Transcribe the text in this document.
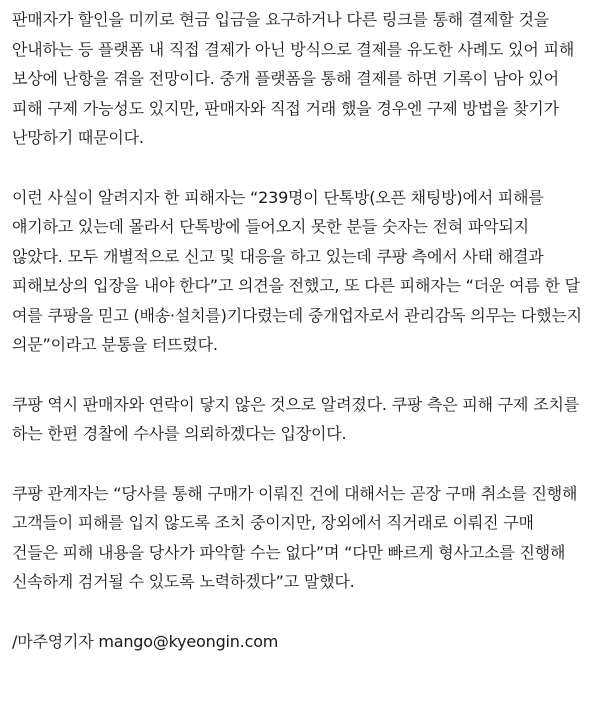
판매자가 할인을 미끼로 현금 입금을 요구하거나 다른 링크를 통해 결제할 것을
안내하는 등 플랫폼 내 직접 결제가 아닌 방식으로 결제를 유도한 사례도 있어 피해
보상에 난항을 겪을 전망이다. 중개 플랫폼을 통해 결제를 하면 기록이 남아 있어
피해 구제 가능성도 있지만, 판매자와 직접 거래 했을 경우엔 구제 방법을 찾기가
난망하기 때문이다.
이런 사실이 알려지자 한 피해자는 “239명이 단톡방(오픈 채팅방)에서 피해를
얘기하고 있는데 몰라서 단톡방에 들어오지 못한 분들 숫자는 전혀 파악되지
않았다. 모두 개별적으로 신고 및 대응을 하고 있는데 쿠팡 측에서 사태 해결과
피해보상의 입장을 내야 한다”고 의견을 전했고, 또 다른 피해자는 “더운 여름 한 달
여를 쿠팡을 믿고 (배송·설치를)기다렸는데 중개업자로서 관리감독 의무는 다했는지
의문”이라고 분통을 터뜨렸다.
쿠팡 역시 판매자와 연락이 닿지 않은 것으로 알려졌다. 쿠팡 측은 피해 구제 조치를
하는 한편 경찰에 수사를 의뢰하겠다는 입장이다.
쿠팡 관계자는 “당사를 통해 구매가 이뤄진 건에 대해서는 곧장 구매 취소를 진행해
고객들이 피해를 입지 않도록 조치 중이지만, 장외에서 직거래로 이뤄진 구매
건들은 피해 내용을 당사가 파악할 수는 없다”며 “다만 빠르게 형사고소를 진행해
신속하게 검거될 수 있도록 노력하겠다”고 말했다.

/마주영기자 mango@kyeongin.com
